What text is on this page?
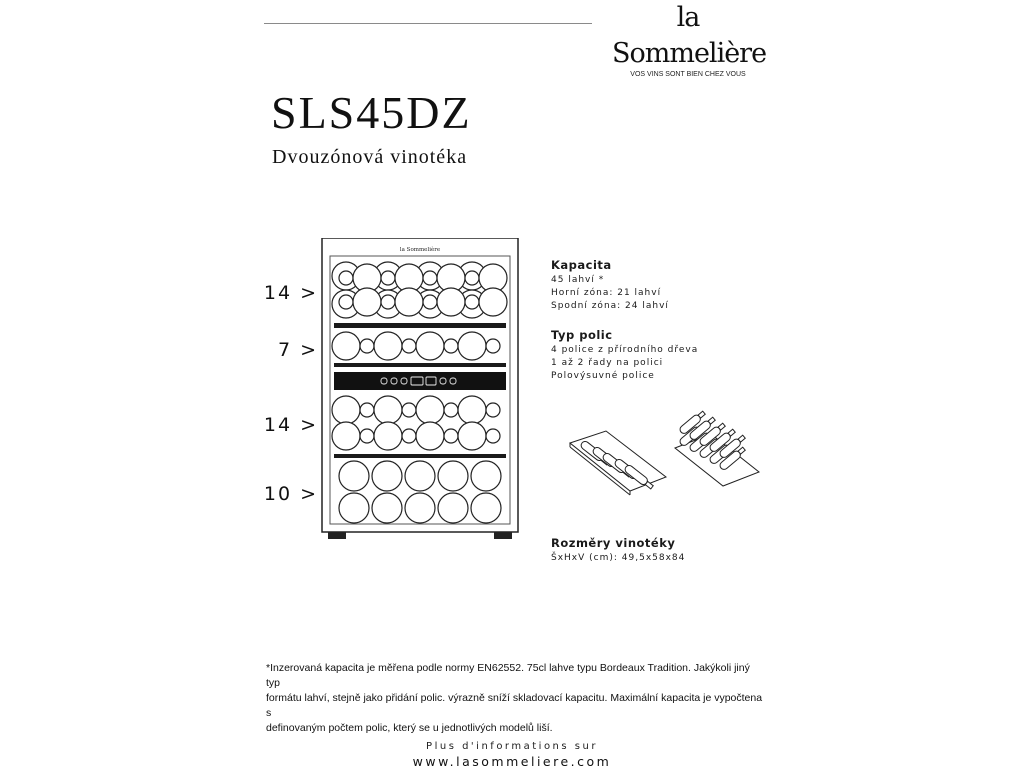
la Sommelière
VOS VINS SONT BIEN CHEZ VOUS
SLS45DZ
Dvouzónová vinotéka
14 >
7 >
14 >
10 >
la Sommelière
Kapacita
45 lahví *
Horní zóna: 21 lahví
Spodní zóna: 24 lahví
Typ polic
4 police z přírodního dřeva
1 až 2 řady na polici
Polovýsuvné police
Rozměry vinotéky
ŠxHxV (cm): 49,5x58x84
*Inzerovaná kapacita je měřena podle normy EN62552. 75cl lahve typu Bordeaux Tradition. Jakýkoli jiný typ
formátu lahví, stejně jako přidání polic. výrazně sníží skladovací kapacitu. Maximální kapacita je vypočtena s
definovaným počtem polic, který se u jednotlivých modelů liší.
Plus d'informations sur
www.lasommeliere.com
